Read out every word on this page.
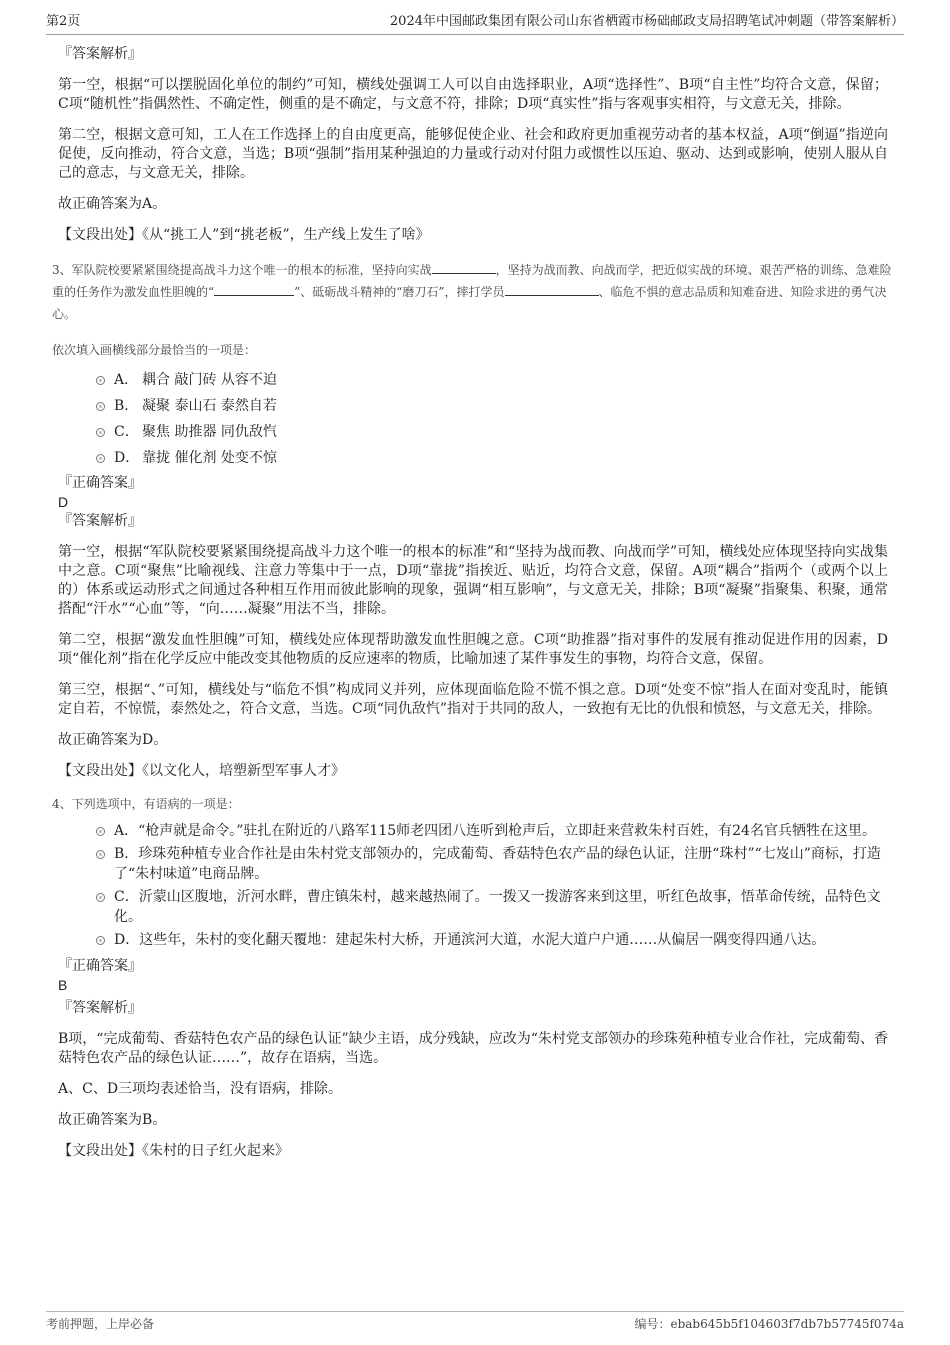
第2页	2024年中国邮政集团有限公司山东省栖霞市杨础邮政支局招聘笔试冲刺题（带答案解析）

『答案解析』

第一空，根据“可以摆脱固化单位的制约”可知，横线处强调工人可以自由选择职业，A项“选择性”、B项“自主性”均符合文意，保留；C项“随机性”指偶然性、不确定性，侧重的是不确定，与文意不符，排除；D项“真实性”指与客观事实相符，与文意无关，排除。

第二空，根据文意可知，工人在工作选择上的自由度更高，能够促使企业、社会和政府更加重视劳动者的基本权益，A项“倒逼”指逆向促使，反向推动，符合文意，当选；B项“强制”指用某种强迫的力量或行动对付阻力或惯性以压迫、驱动、达到或影响，使别人服从自己的意志，与文意无关，排除。

故正确答案为A。

【文段出处】《从“挑工人”到“挑老板”，生产线上发生了啥》

3、军队院校要紧紧围绕提高战斗力这个唯一的根本的标准，坚持向实战	，坚持为战而教、向战而学，把近似实战的环境、艰苦严格的训练、急难险重的任务作为激发血性胆魄的“	”、砥砺战斗精神的“磨刀石”，摔打学员	、临危不惧的意志品质和知难奋进、知险求进的勇气决心。

依次填入画横线部分最恰当的一项是：

A． 耦合 敲门砖 从容不迫
B． 凝聚 泰山石 泰然自若
C． 聚焦 助推器 同仇敌忾
D． 靠拢 催化剂 处变不惊

『正确答案』

D

『答案解析』

第一空，根据“军队院校要紧紧围绕提高战斗力这个唯一的根本的标准”和“坚持为战而教、向战而学”可知，横线处应体现坚持向实战集中之意。C项“聚焦”比喻视线、注意力等集中于一点，D项“靠拢”指挨近、贴近，均符合文意，保留。A项“耦合”指两个（或两个以上的）体系或运动形式之间通过各种相互作用而彼此影响的现象，强调“相互影响”，与文意无关，排除；B项“凝聚”指聚集、积聚，通常搭配“汗水”“心血”等，“向……凝聚”用法不当，排除。

第二空，根据“激发血性胆魄”可知，横线处应体现帮助激发血性胆魄之意。C项“助推器”指对事件的发展有推动促进作用的因素，D项“催化剂”指在化学反应中能改变其他物质的反应速率的物质，比喻加速了某件事发生的事物，均符合文意，保留。

第三空，根据“、”可知，横线处与“临危不惧”构成同义并列，应体现面临危险不慌不惧之意。D项“处变不惊”指人在面对变乱时，能镇定自若，不惊慌，泰然处之，符合文意，当选。C项“同仇敌忾”指对于共同的敌人，一致抱有无比的仇恨和愤怒，与文意无关，排除。

故正确答案为D。

【文段出处】《以文化人，培塑新型军事人才》

4、下列选项中，有语病的一项是：

A．“枪声就是命令。”驻扎在附近的八路军115师老四团八连听到枪声后，立即赶来营救朱村百姓，有24名官兵牺牲在这里。
B．珍珠苑种植专业合作社是由朱村党支部领办的，完成葡萄、香菇特色农产品的绿色认证，注册“珠村”“七岌山”商标，打造了“朱村味道”电商品牌。
C．沂蒙山区腹地，沂河水畔，曹庄镇朱村，越来越热闹了。一拨又一拨游客来到这里，听红色故事，悟革命传统，品特色文化。
D．这些年，朱村的变化翻天覆地：建起朱村大桥，开通滨河大道，水泥大道户户通……从偏居一隅变得四通八达。

『正确答案』

B

『答案解析』

B项，“完成葡萄、香菇特色农产品的绿色认证”缺少主语，成分残缺，应改为“朱村党支部领办的珍珠苑种植专业合作社，完成葡萄、香菇特色农产品的绿色认证……”，故存在语病，当选。

A、C、D三项均表述恰当，没有语病，排除。

故正确答案为B。

【文段出处】《朱村的日子红火起来》

考前押题，上岸必备	编号：ebab645b5f104603f7db7b57745f074a
